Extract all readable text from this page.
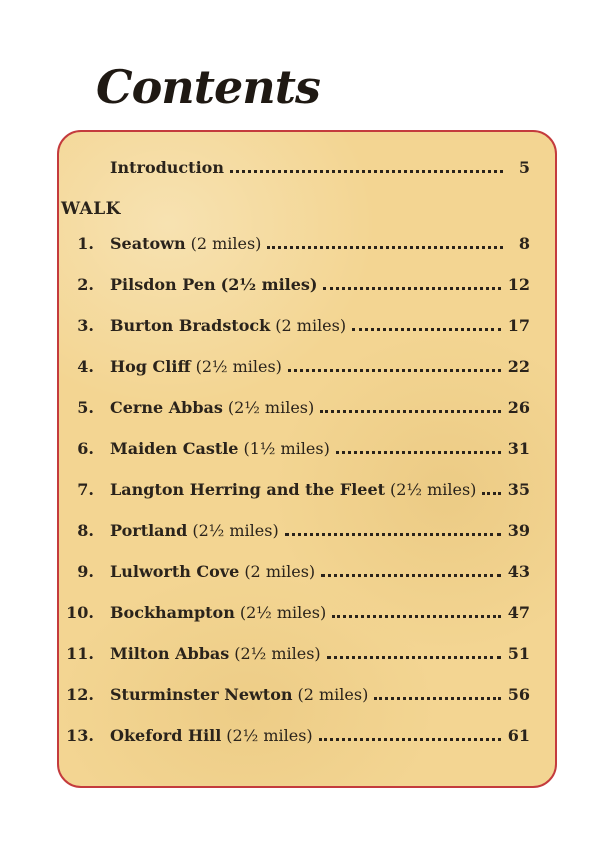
Contents
Introduction	5
WALK
1. Seatown (2 miles)	8
2. Pilsdon Pen (2½ miles)	12
3. Burton Bradstock (2 miles)	17
4. Hog Cliff (2½ miles)	22
5. Cerne Abbas (2½ miles)	26
6. Maiden Castle (1½ miles)	31
7. Langton Herring and the Fleet (2½ miles) 35
8. Portland (2½ miles)	39
9. Lulworth Cove (2 miles)	43
10. Bockhampton (2½ miles)	47
11. Milton Abbas (2½ miles)	51
12. Sturminster Newton (2 miles)	56
13. Okeford Hill (2½ miles)	61
